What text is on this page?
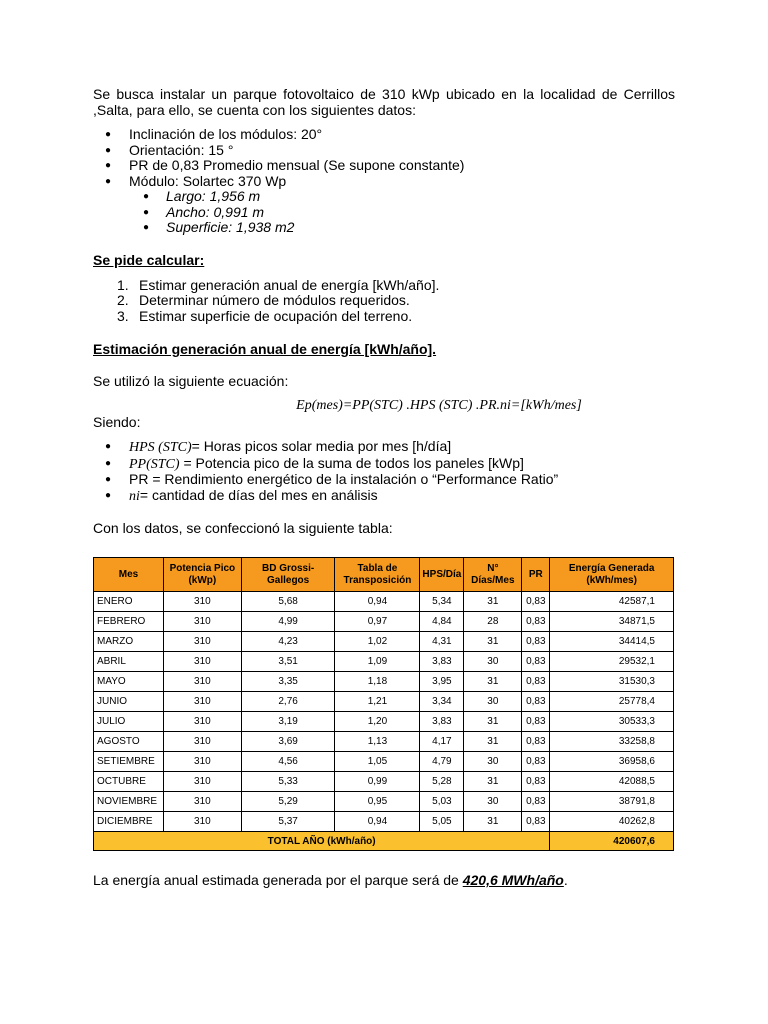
Se busca instalar un parque fotovoltaico de 310 kWp ubicado en la localidad de Cerrillos ,Salta, para ello, se cuenta con los siguientes datos:

● Inclinación de los módulos: 20°
● Orientación: 15 °
● PR de 0,83 Promedio mensual (Se supone constante)
● Módulo: Solartec 370 Wp
● Largo: 1,956 m
● Ancho: 0,991 m
● Superficie: 1,938 m2

Se pide calcular:

1. Estimar generación anual de energía [kWh/año].
2. Determinar número de módulos requeridos.
3. Estimar superficie de ocupación del terreno.

Estimación generación anual de energía [kWh/año].

Se utilizó la siguiente ecuación:

Ep(mes)=PP(STC) .HPS (STC) .PR.ni=[kWh/mes]

Siendo:

● HPS (STC)= Horas picos solar media por mes [h/día]
● PP(STC) = Potencia pico de la suma de todos los paneles [kWp]
● PR = Rendimiento energético de la instalación o “Performance Ratio”
● ni= cantidad de días del mes en análisis

Con los datos, se confeccionó la siguiente tabla:

Mes	Potencia Pico (kWp)	BD Grossi-Gallegos	Tabla de Transposición	HPS/Día	N° Días/Mes	PR	Energía Generada (kWh/mes)
ENERO	310	5,68	0,94	5,34	31	0,83	42587,1
FEBRERO	310	4,99	0,97	4,84	28	0,83	34871,5
MARZO	310	4,23	1,02	4,31	31	0,83	34414,5
ABRIL	310	3,51	1,09	3,83	30	0,83	29532,1
MAYO	310	3,35	1,18	3,95	31	0,83	31530,3
JUNIO	310	2,76	1,21	3,34	30	0,83	25778,4
JULIO	310	3,19	1,20	3,83	31	0,83	30533,3
AGOSTO	310	3,69	1,13	4,17	31	0,83	33258,8
SETIEMBRE	310	4,56	1,05	4,79	30	0,83	36958,6
OCTUBRE	310	5,33	0,99	5,28	31	0,83	42088,5
NOVIEMBRE	310	5,29	0,95	5,03	30	0,83	38791,8
DICIEMBRE	310	5,37	0,94	5,05	31	0,83	40262,8
TOTAL AÑO (kWh/año)							420607,6

La energía anual estimada generada por el parque será de 420,6 MWh/año.
